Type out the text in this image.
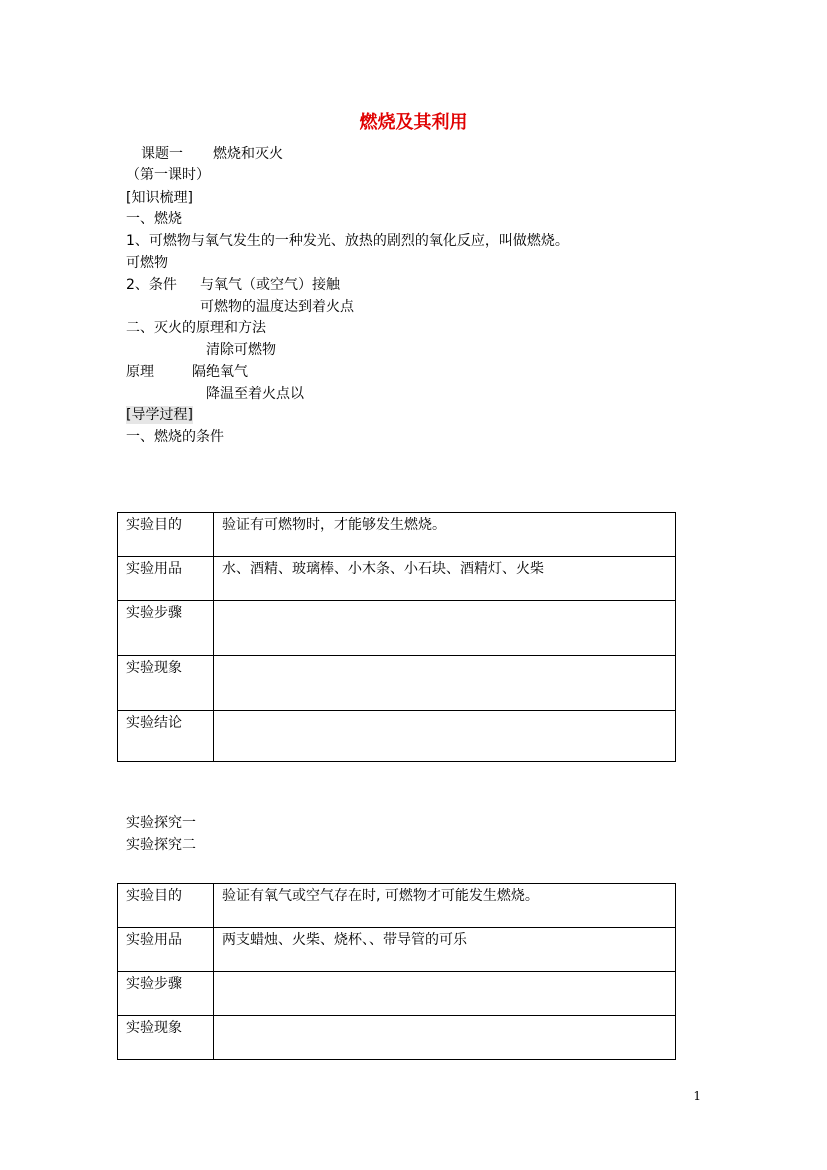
燃烧及其利用
课题一 燃烧和灭火
（第一课时）
[知识梳理]
一、燃烧
1、可燃物与氧气发生的一种发光、放热的剧烈的氧化反应，叫做燃烧。
可燃物
2、条件 与氧气（或空气）接触
可燃物的温度达到着火点
二、灭火的原理和方法
清除可燃物
原理	隔绝氧气
降温至着火点以
[导学过程]
一、燃烧的条件
实验目的	验证有可燃物时，才能够发生燃烧。
实验用品	水、酒精、玻璃棒、小木条、小石块、酒精灯、火柴
实验步骤	
实验现象	
实验结论	
实验探究一
实验探究二
实验目的	验证有氧气或空气存在时, 可燃物才可能发生燃烧。
实验用品	两支蜡烛、火柴、烧杯、、带导管的可乐
实验步骤	
实验现象	
1
